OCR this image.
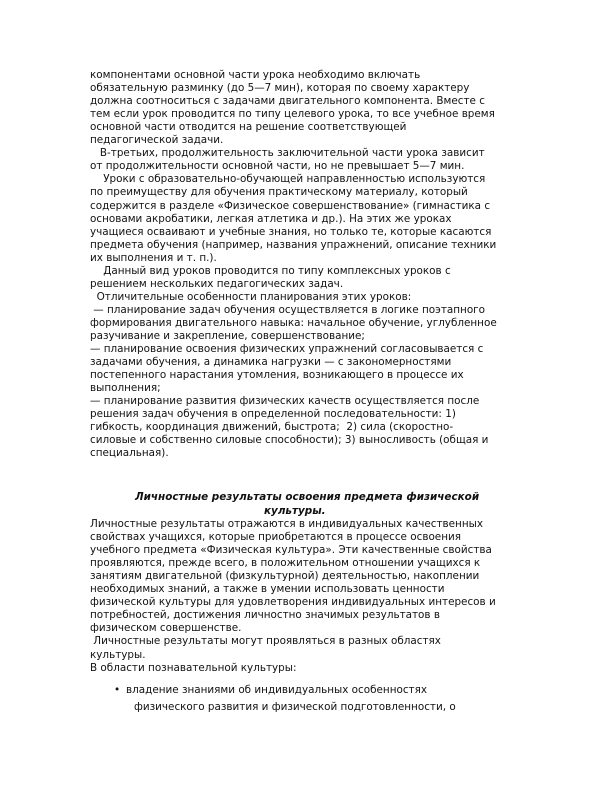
компонентами основной части урока необходимо включать
обязательную разминку (до 5—7 мин), которая по своему характеру
должна соотноситься с задачами двигательного компонента. Вместе с
тем если урок проводится по типу целевого урока, то все учебное время
основной части отводится на решение соответствующей
педагогической задачи.
В-третьих, продолжительность заключительной части урока зависит
от продолжительности основной части, но не превышает 5—7 мин.
Уроки с образовательно-обучающей направленностью используются
по преимуществу для обучения практическому материалу, который
содержится в разделе «Физическое совершенствование» (гимнастика с
основами акробатики, легкая атлетика и др.). На этих же уроках
учащиеся осваивают и учебные знания, но только те, которые касаются
предмета обучения (например, названия упражнений, описание техники
их выполнения и т. п.).
Данный вид уроков проводится по типу комплексных уроков с
решением нескольких педагогических задач.
Отличительные особенности планирования этих уроков:
— планирование задач обучения осуществляется в логике поэтапного
формирования двигательного навыка: начальное обучение, углубленное
разучивание и закрепление, совершенствование;
— планирование освоения физических упражнений согласовывается с
задачами обучения, а динамика нагрузки — с закономерностями
постепенного нарастания утомления, возникающего в процессе их
выполнения;
— планирование развития физических качеств осуществляется после
решения задач обучения в определенной последовательности: 1)
гибкость, координация движений, быстрота;  2) сила (скоростно-
силовые и собственно силовые способности); 3) выносливость (общая и
специальная).
Личностные результаты освоения предмета физической
культуры.
Личностные результаты отражаются в индивидуальных качественных
свойствах учащихся, которые приобретаются в процессе освоения
учебного предмета «Физическая культура». Эти качественные свойства
проявляются, прежде всего, в положительном отношении учащихся к
занятиям двигательной (физкультурной) деятельностью, накоплении
необходимых знаний, а также в умении использовать ценности
физической культуры для удовлетворения индивидуальных интересов и
потребностей, достижения личностно значимых результатов в
физическом совершенстве.
Личностные результаты могут проявляться в разных областях
культуры.
В области познавательной культуры:
• владение знаниями об индивидуальных особенностях
физического развития и физической подготовленности, о
